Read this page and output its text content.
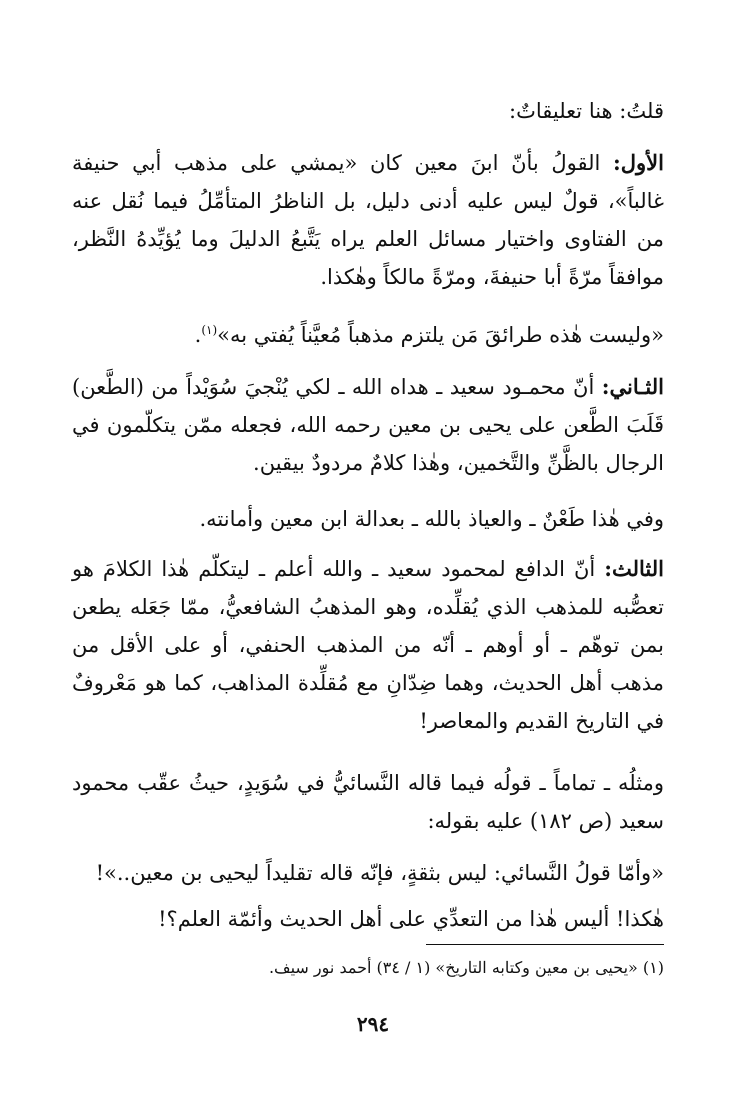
قلتُ: هنا تعليقاتٌ:

الأول: القولُ بأنّ ابنَ معين كان «يمشي على مذهب أبي حنيفة غالباً»، قولٌ ليس عليه أدنى دليل، بل الناظرُ المتأمِّلُ فيما نُقل عنه من الفتاوى واختيار مسائل العلم يراه يَتَّبعُ الدليلَ وما يُؤيِّدهُ النَّظر، موافقاً مرّةً أبا حنيفةَ، ومرّةً مالكاً وهٰكذا.

«وليست هٰذه طرائقَ مَن يلتزم مذهباً مُعيَّناً يُفتي به»$^{(١)}$.

الثـاني: أنّ محمـود سعيد ـ هداه الله ـ لكي يُنْجيَ سُوَيْداً من (الطَّعن) قَلَبَ الطَّعن على يحيى بن معين رحمه الله، فجعله ممّن يتكلّمون في الرجال بالظَّنِّ والتَّخمين، وهٰذا كلامٌ مردودٌ بيقين.

وفي هٰذا طَعْنٌ ـ والعياذ بالله ـ بعدالة ابن معين وأمانته.

الثالث: أنّ الدافع لمحمود سعيد ـ والله أعلم ـ ليتكلّم هٰذا الكلامَ هو تعصُّبه للمذهب الذي يُقلِّده، وهو المذهبُ الشافعيُّ، ممّا جَعَله يطعن بمن توهّم ـ أو أوهم ـ أنّه من المذهب الحنفي، أو على الأقل من مذهب أهل الحديث، وهما ضِدّانِ مع مُقلِّدة المذاهب، كما هو مَعْروفٌ في التاريخ القديم والمعاصر!

ومثلُه ـ تماماً ـ قولُه فيما قاله النَّسائيُّ في سُوَيدٍ، حيثُ عقّب محمود سعيد (ص ١٨٢) عليه بقوله:

«وأمّا قولُ النَّسائي: ليس بثقةٍ، فإنّه قاله تقليداً ليحيى بن معين..»!

هٰكذا! أليس هٰذا من التعدِّي على أهل الحديث وأئمّة العلم؟!

(١) «يحيى بن معين وكتابه التاريخ» (١ / ٣٤) أحمد نور سيف.

٢٩٤
